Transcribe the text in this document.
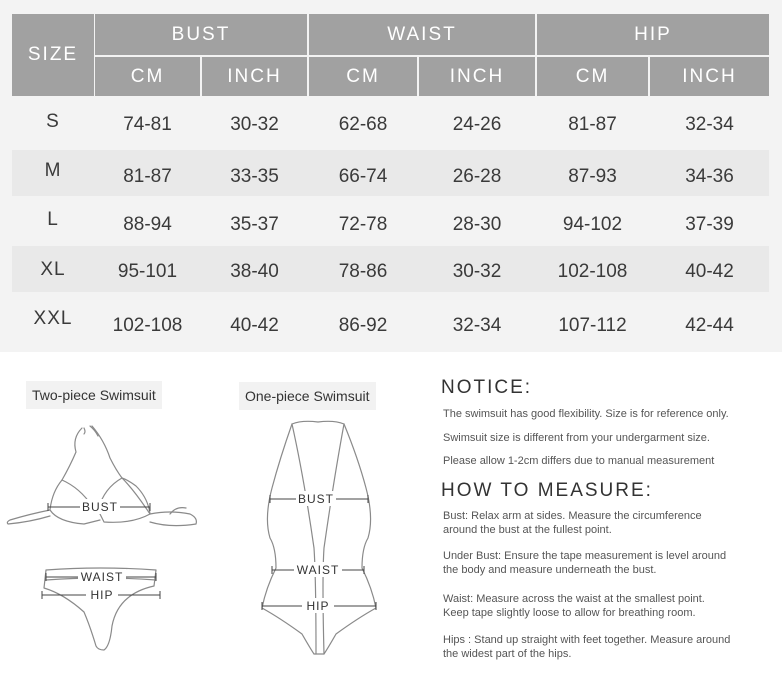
SIZE
BUST	WAIST	HIP
CM	INCH	CM	INCH	CM	INCH
S	74-81	30-32	62-68	24-26	81-87	32-34
M	81-87	33-35	66-74	26-28	87-93	34-36
L	88-94	35-37	72-78	28-30	94-102	37-39
XL	95-101	38-40	78-86	30-32	102-108	40-42
XXL	102-108	40-42	86-92	32-34	107-112	42-44
Two-piece Swimsuit	One-piece Swimsuit
BUST
WAIST
HIP
BUST
WAIST
HIP
NOTICE:
The swimsuit has good flexibility. Size is for reference only.
Swimsuit size is different from your undergarment size.
Please allow 1-2cm differs due to manual measurement
HOW TO MEASURE:
Bust: Relax arm at sides. Measure the circumference
around the bust at the fullest point.
Under Bust: Ensure the tape measurement is level around
the body and measure underneath the bust.
Waist: Measure across the waist at the smallest point.
Keep tape slightly loose to allow for breathing room.
Hips : Stand up straight with feet together. Measure around
the widest part of the hips.
